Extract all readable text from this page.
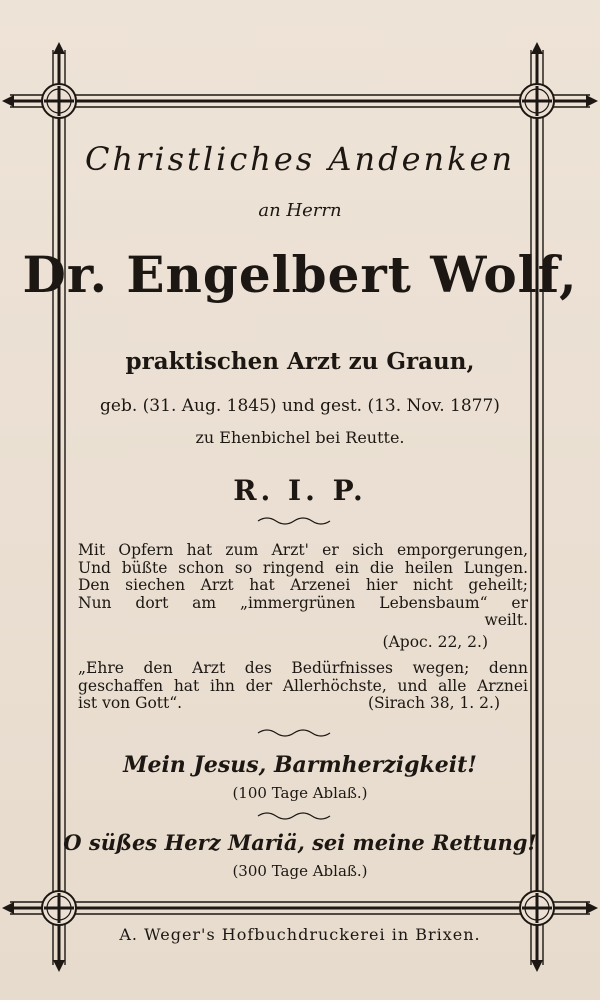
Christliches Andenken
an Herrn
Dr. Engelbert Wolf,
praktischen Arzt zu Graun,
geb. (31. Aug. 1845) und gest. (13. Nov. 1877)
zu Ehenbichel bei Reutte.
R. I. P.
Mit Opfern hat zum Arzt' er sich emporgerungen,
Und büßte schon so ringend ein die heilen Lungen.
Den siechen Arzt hat Arzenei hier nicht geheilt;
Nun dort am „immergrünen Lebensbaum“ er
weilt.
(Apoc. 22, 2.)
„Ehre den Arzt des Bedürfnisses wegen; denn
geschaffen hat ihn der Allerhöchste, und alle Arznei
ist von Gott“.	(Sirach 38, 1. 2.)
Mein Jesus, Barmherzigkeit!
(100 Tage Ablaß.)
O süßes Herz Mariä, sei meine Rettung!
(300 Tage Ablaß.)
A. Weger's Hofbuchdruckerei in Brixen.
